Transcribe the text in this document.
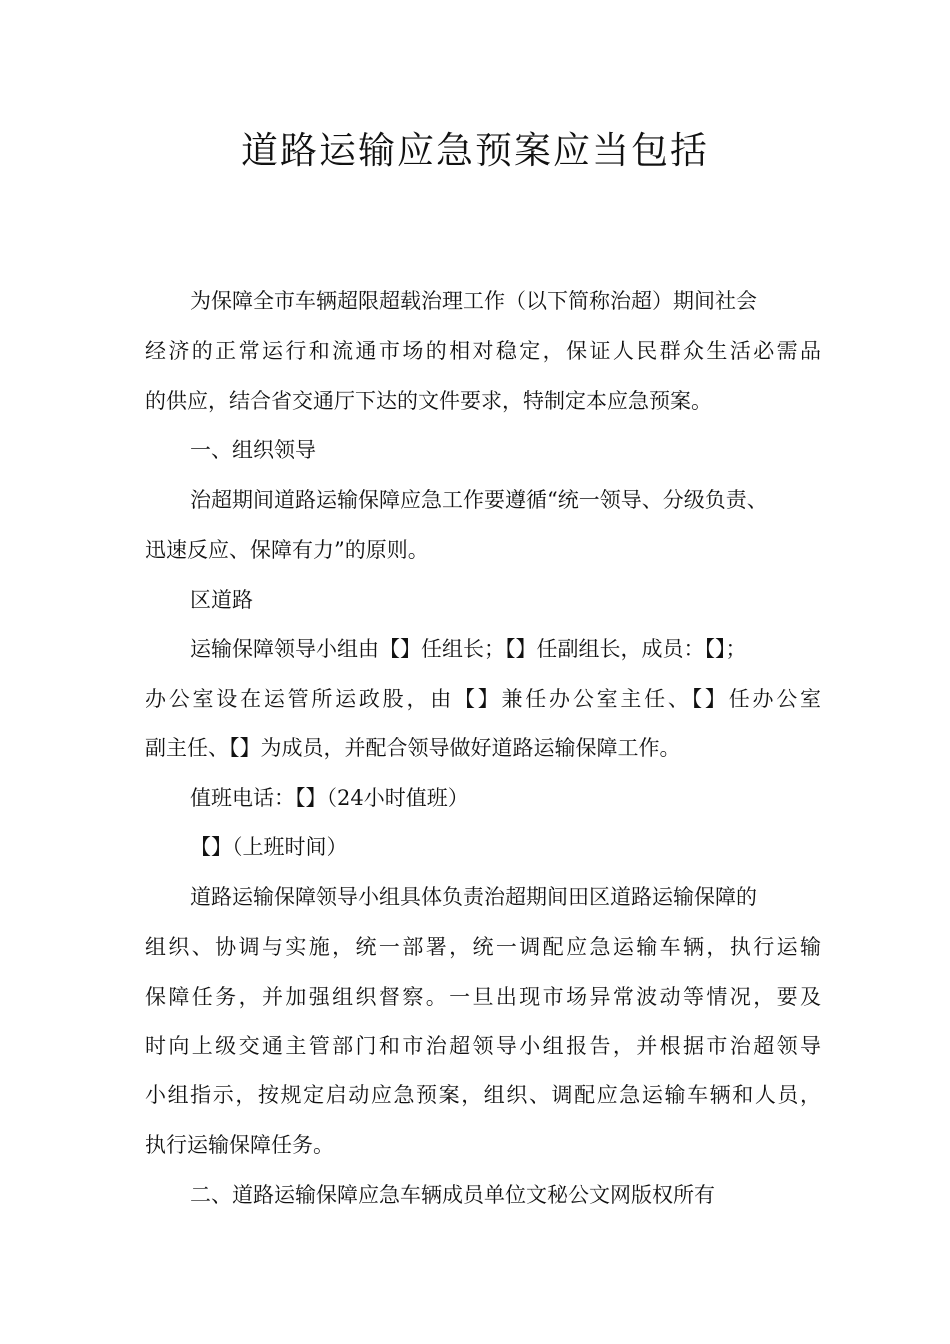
道路运输应急预案应当包括
为保障全市车辆超限超载治理工作（以下简称治超）期间社会
经济的正常运行和流通市场的相对稳定，保证人民群众生活必需品
的供应，结合省交通厅下达的文件要求，特制定本应急预案。
一、组织领导
治超期间道路运输保障应急工作要遵循“统一领导、分级负责、
迅速反应、保障有力”的原则。
区道路
运输保障领导小组由【】任组长；【】任副组长，成员：【】；
办公室设在运管所运政股，由【】兼任办公室主任、【】任办公室
副主任、【】为成员，并配合领导做好道路运输保障工作。
值班电话：【】（24小时值班）
【】（上班时间）
道路运输保障领导小组具体负责治超期间田区道路运输保障的
组织、协调与实施，统一部署，统一调配应急运输车辆，执行运输
保障任务，并加强组织督察。一旦出现市场异常波动等情况，要及
时向上级交通主管部门和市治超领导小组报告，并根据市治超领导
小组指示，按规定启动应急预案，组织、调配应急运输车辆和人员，
执行运输保障任务。
二、道路运输保障应急车辆成员单位文秘公文网版权所有
